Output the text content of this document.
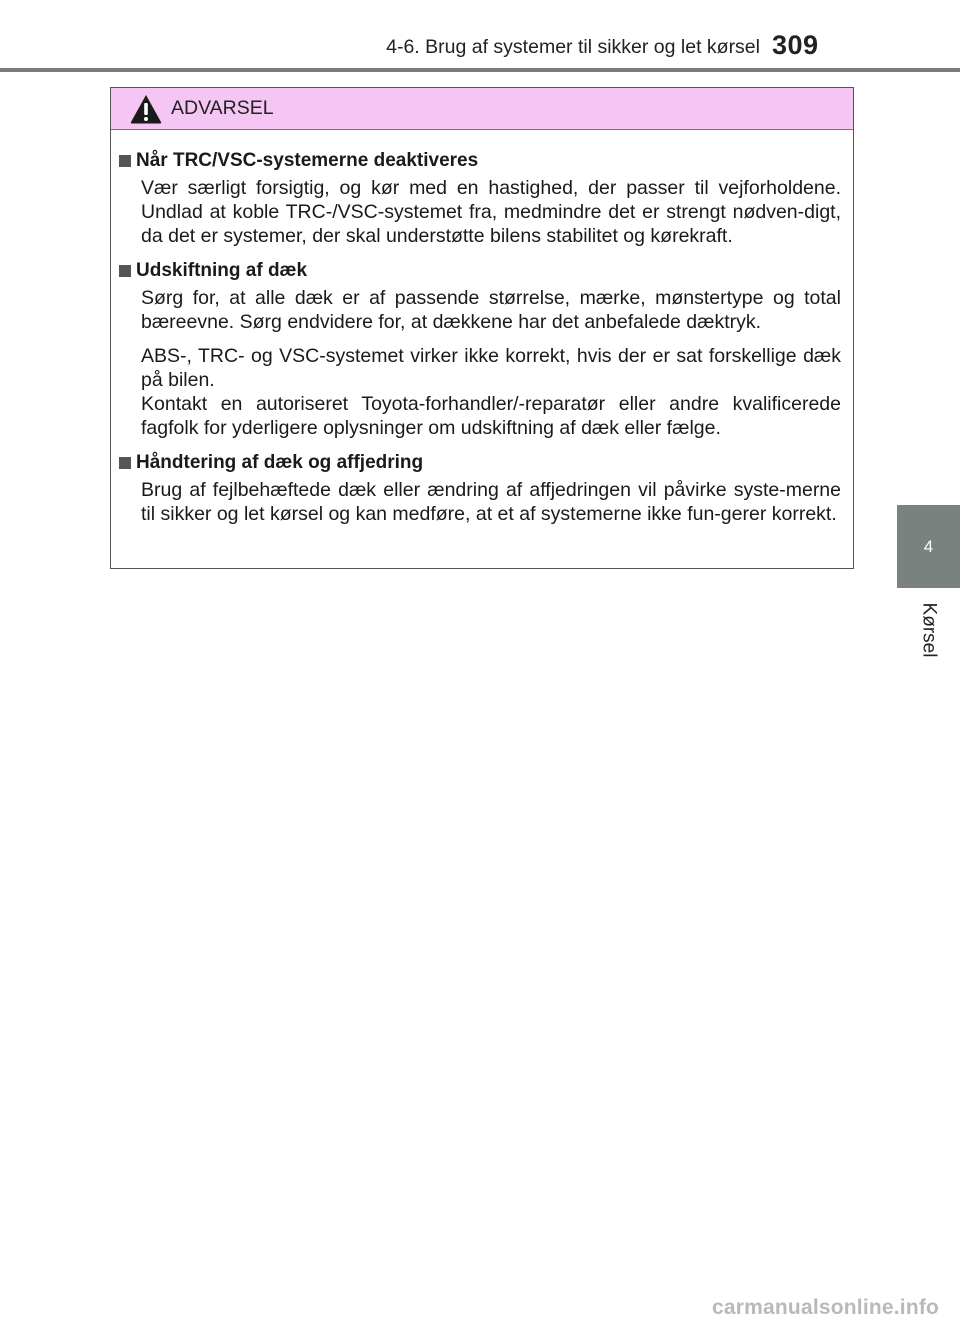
4-6. Brug af systemer til sikker og let kørsel 309
4
Kørsel
ADVARSEL
Når TRC/VSC-systemerne deaktiveres

Vær særligt forsigtig, og kør med en hastighed, der passer til vejforholdene. Undlad at koble TRC-/VSC-systemet fra, medmindre det er strengt nødven-digt, da det er systemer, der skal understøtte bilens stabilitet og kørekraft.

Udskiftning af dæk

Sørg for, at alle dæk er af passende størrelse, mærke, mønstertype og total bæreevne. Sørg endvidere for, at dækkene har det anbefalede dæktryk.

ABS-, TRC- og VSC-systemet virker ikke korrekt, hvis der er sat forskellige dæk på bilen.

Kontakt en autoriseret Toyota-forhandler/-reparatør eller andre kvalificerede fagfolk for yderligere oplysninger om udskiftning af dæk eller fælge.

Håndtering af dæk og affjedring

Brug af fejlbehæftede dæk eller ændring af affjedringen vil påvirke syste-merne til sikker og let kørsel og kan medføre, at et af systemerne ikke fun-gerer korrekt.

carmanualsonline.info
